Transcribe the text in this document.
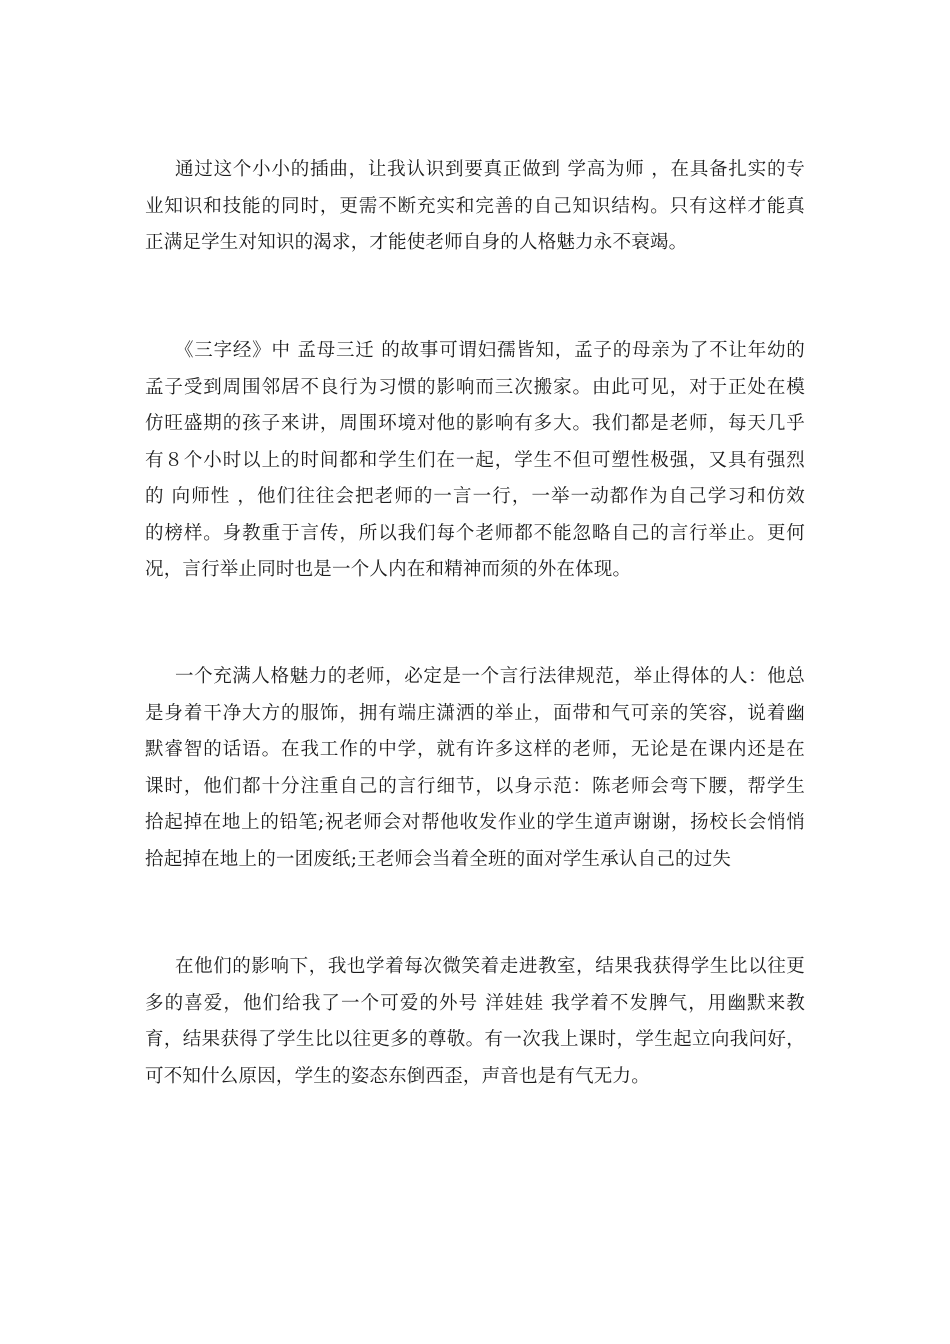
通过这个小小的插曲，让我认识到要真正做到 学高为师 ，在具备扎实的专
业知识和技能的同时，更需不断充实和完善的自己知识结构。只有这样才能真
正满足学生对知识的渴求，才能使老师自身的人格魅力永不衰竭。
《三字经》中 孟母三迁 的故事可谓妇孺皆知，孟子的母亲为了不让年幼的
孟子受到周围邻居不良行为习惯的影响而三次搬家。由此可见，对于正处在模
仿旺盛期的孩子来讲，周围环境对他的影响有多大。我们都是老师，每天几乎
有８个小时以上的时间都和学生们在一起，学生不但可塑性极强，又具有强烈
的 向师性 ，他们往往会把老师的一言一行，一举一动都作为自己学习和仿效
的榜样。身教重于言传，所以我们每个老师都不能忽略自己的言行举止。更何
况，言行举止同时也是一个人内在和精神而须的外在体现。
一个充满人格魅力的老师，必定是一个言行法律规范，举止得体的人：他总
是身着干净大方的服饰，拥有端庄潇洒的举止，面带和气可亲的笑容，说着幽
默睿智的话语。在我工作的中学，就有许多这样的老师，无论是在课内还是在
课时，他们都十分注重自己的言行细节，以身示范：陈老师会弯下腰，帮学生
拾起掉在地上的铅笔;祝老师会对帮他收发作业的学生道声谢谢，扬校长会悄悄
拾起掉在地上的一团废纸;王老师会当着全班的面对学生承认自己的过失
在他们的影响下，我也学着每次微笑着走进教室，结果我获得学生比以往更
多的喜爱，他们给我了一个可爱的外号 洋娃娃 我学着不发脾气，用幽默来教
育，结果获得了学生比以往更多的尊敬。有一次我上课时，学生起立向我问好，
可不知什么原因，学生的姿态东倒西歪，声音也是有气无力。
